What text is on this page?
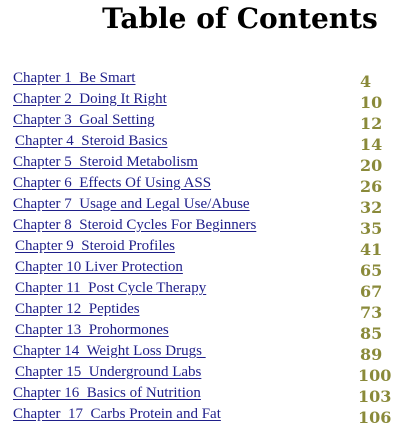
Table of Contents
Chapter 1  Be Smart	4
Chapter 2  Doing It Right	10
Chapter 3  Goal Setting	12
Chapter 4  Steroid Basics	14
Chapter 5  Steroid Metabolism	20
Chapter 6  Effects Of Using ASS	26
Chapter 7  Usage and Legal Use/Abuse	32
Chapter 8  Steroid Cycles For Beginners	35
Chapter 9  Steroid Profiles	41
Chapter 10 Liver Protection	65
Chapter 11  Post Cycle Therapy	67
Chapter 12  Peptides	73
Chapter 13  Prohormones	85
Chapter 14  Weight Loss Drugs	89
Chapter 15  Underground Labs	100
Chapter 16  Basics of Nutrition	103
Chapter  17  Carbs Protein and Fat	106
